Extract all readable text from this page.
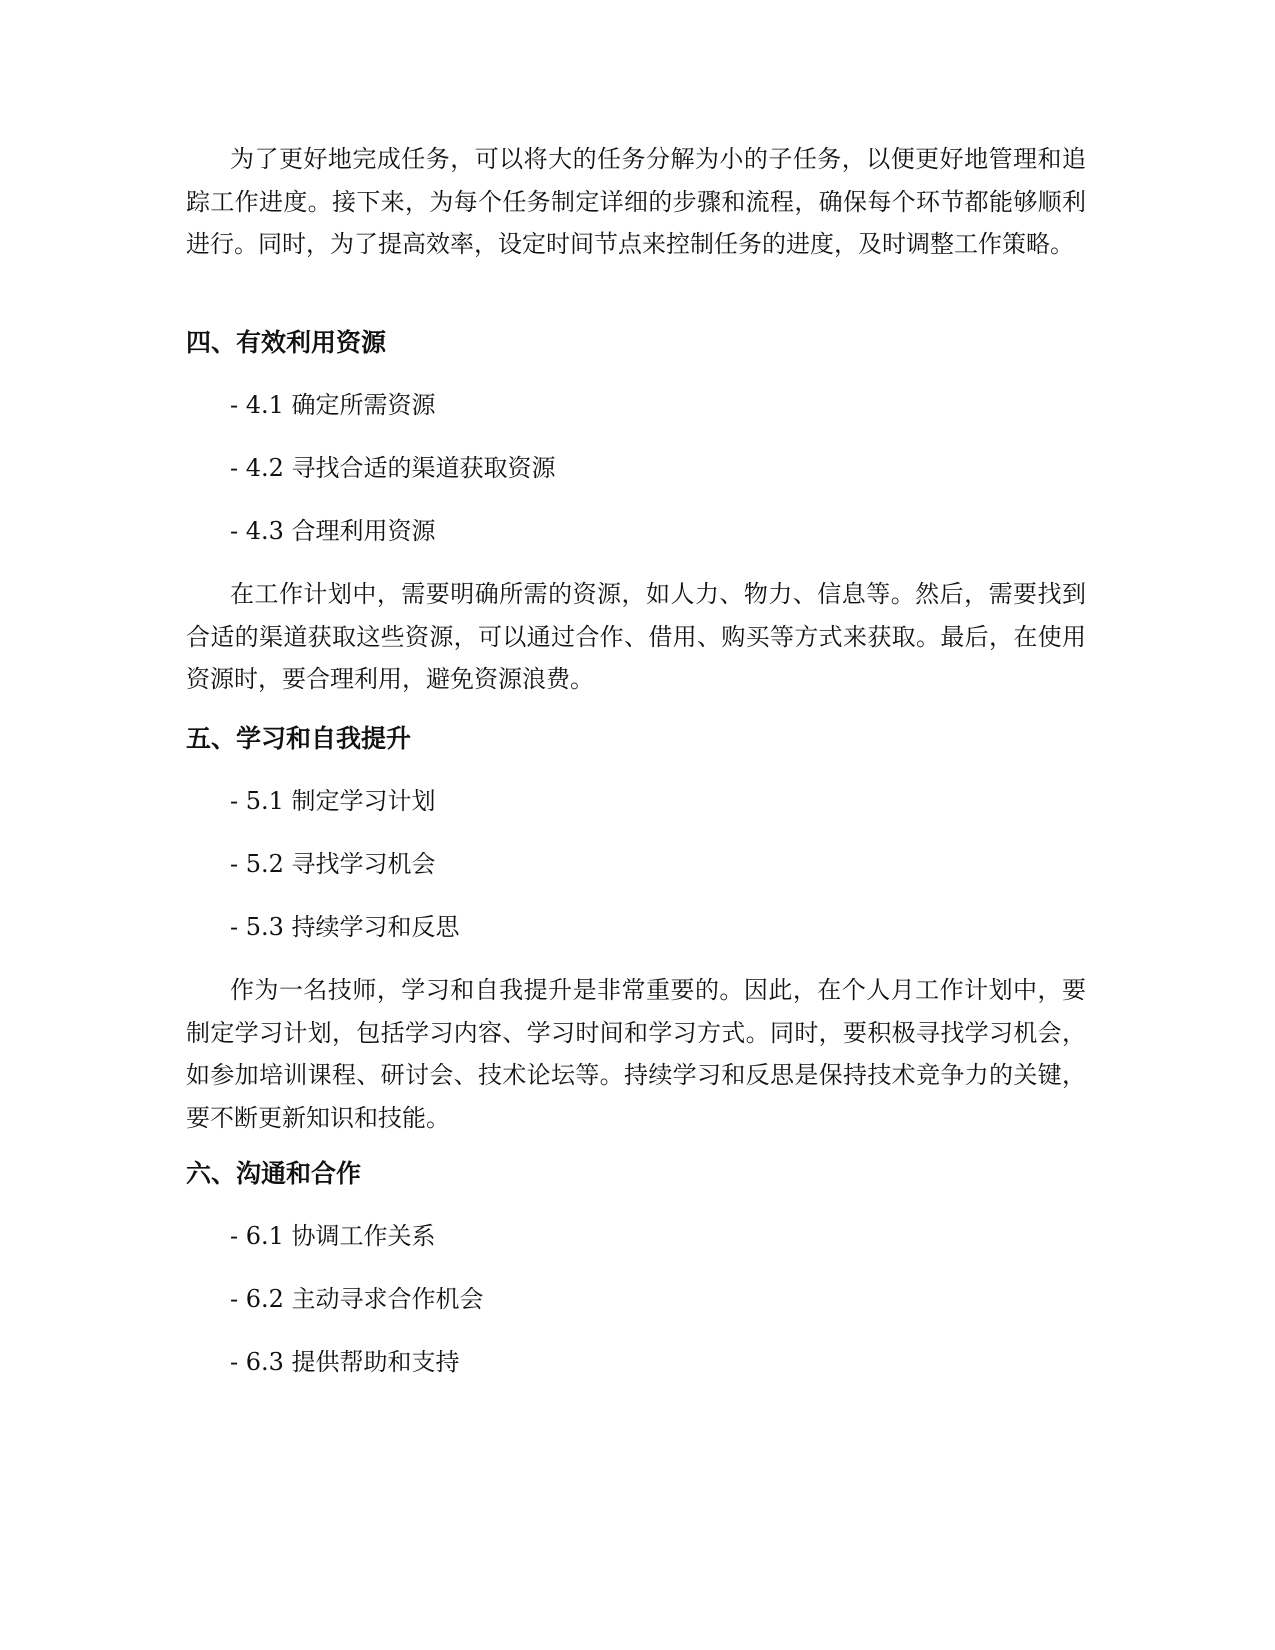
为了更好地完成任务，可以将大的任务分解为小的子任务，以便更好地管理和追踪工作进度。接下来，为每个任务制定详细的步骤和流程，确保每个环节都能够顺利进行。同时，为了提高效率，设定时间节点来控制任务的进度，及时调整工作策略。

四、有效利用资源
- 4.1 确定所需资源
- 4.2 寻找合适的渠道获取资源
- 4.3 合理利用资源

在工作计划中，需要明确所需的资源，如人力、物力、信息等。然后，需要找到合适的渠道获取这些资源，可以通过合作、借用、购买等方式来获取。最后，在使用资源时，要合理利用，避免资源浪费。

五、学习和自我提升
- 5.1 制定学习计划
- 5.2 寻找学习机会
- 5.3 持续学习和反思

作为一名技师，学习和自我提升是非常重要的。因此，在个人月工作计划中，要制定学习计划，包括学习内容、学习时间和学习方式。同时，要积极寻找学习机会，如参加培训课程、研讨会、技术论坛等。持续学习和反思是保持技术竞争力的关键，要不断更新知识和技能。

六、沟通和合作
- 6.1 协调工作关系
- 6.2 主动寻求合作机会
- 6.3 提供帮助和支持
